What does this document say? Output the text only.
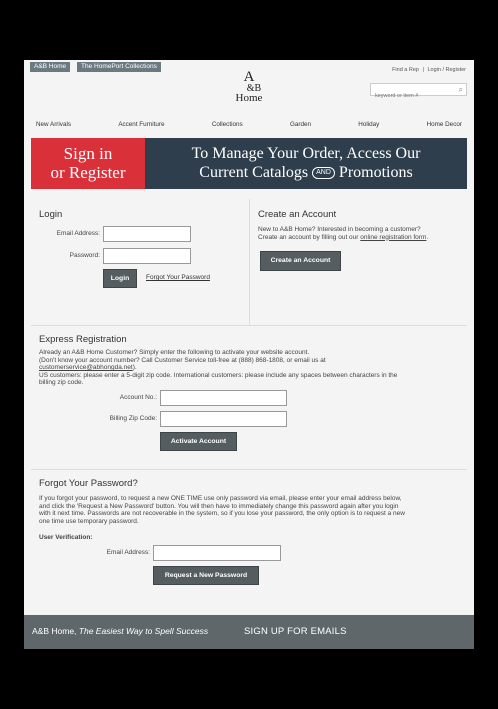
A&B Home	The HomePort Collections	Find a Rep | Login / Register
A
&B
Home
keyword or item #
⌕
New Arrivals	Accent Furniture	Collections	Garden	Holiday	Home Decor
Sign in
or Register
To Manage Your Order, Access Our
Current Catalogs AND Promotions
Login
Email Address:
Password:
Login	Forgot Your Password
Create an Account
New to A&B Home? Interested in becoming a customer?
Create an account by filling out our online registration form.
Create an Account
Express Registration
Already an A&B Home Customer? Simply enter the following to activate your website account.
(Don't know your account number? Call Customer Service toll-free at (888) 868-1808, or email us at
customerservice@abhongda.net).
US customers: please enter a 5-digit zip code. International customers: please include any spaces between characters in the
billing zip code.
Account No.:
Billing Zip Code:
Activate Account
Forgot Your Password?
If you forgot your password, to request a new ONE TIME use only password via email, please enter your email address below,
and click the 'Request a New Password' button. You will then have to immediately change this password again after you login
with it next time. Passwords are not recoverable in the system, so if you lose your password, the only option is to request a new
one time use temporary password.
User Verification:
Email Address:
Request a New Password
A&B Home, The Easiest Way to Spell Success	SIGN UP FOR EMAILS
